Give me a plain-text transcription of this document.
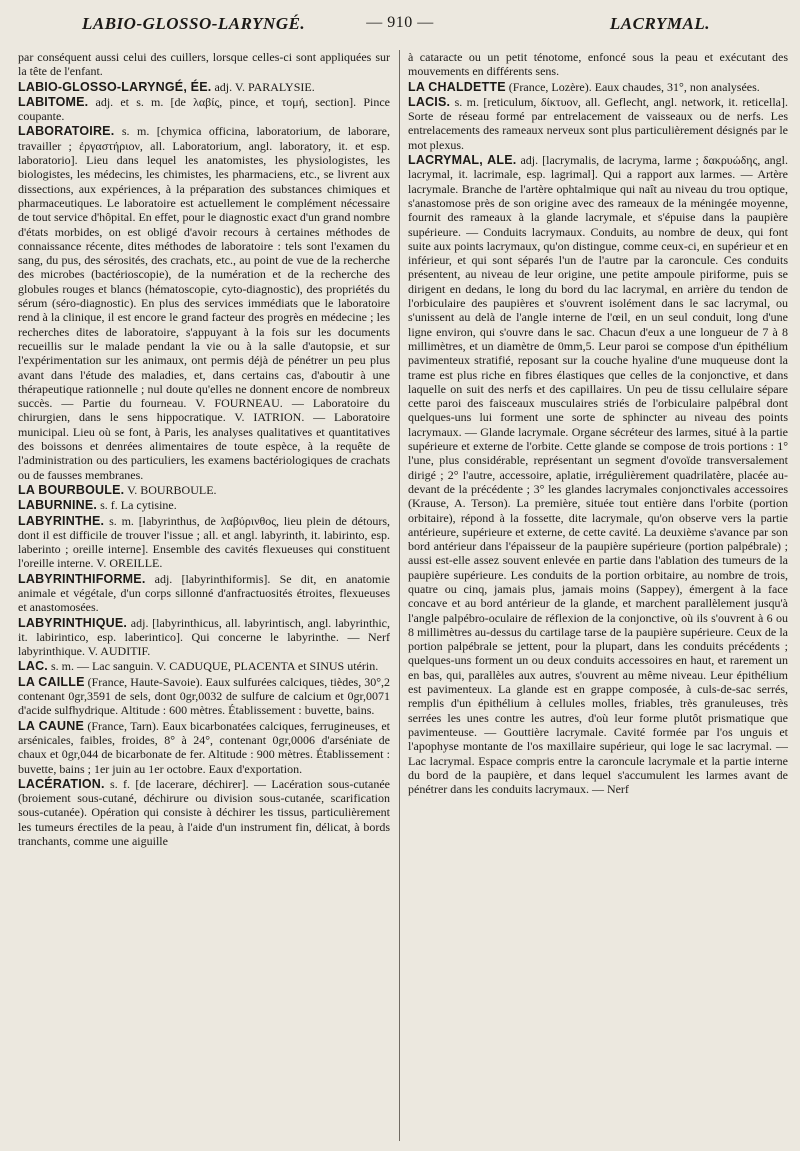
LABIO-GLOSSO-LARYNGÉ.	— 910 —	LACRYMAL.

par conséquent aussi celui des cuillers, lorsque celles-ci sont appliquées sur la tête de l'enfant.

LABIO-GLOSSO-LARYNGÉ, ÉE. adj. V. PARALYSIE.

LABITOME. adj. et s. m. [de λαβίς, pince, et τομή, section]. Pince coupante.

LABORATOIRE. s. m. [chymica officina, laboratorium, de laborare, travailler ; ἐργαστήριον, all. Laboratorium, angl. laboratory, it. et esp. laboratorio]. Lieu dans lequel les anatomistes, les physiologistes, les biologistes, les médecins, les chimistes, les pharmaciens, etc., se livrent aux dissections, aux expériences, à la préparation des substances chimiques et pharmaceutiques. Le laboratoire est actuellement le complément nécessaire de tout service d'hôpital. En effet, pour le diagnostic exact d'un grand nombre d'états morbides, on est obligé d'avoir recours à certaines méthodes de connaissance récente, dites méthodes de laboratoire : tels sont l'examen du sang, du pus, des sérosités, des crachats, etc., au point de vue de la recherche des microbes (bactérioscopie), de la numération et de la recherche des globules rouges et blancs (hématoscopie, cyto-diagnostic), des propriétés du sérum (séro-diagnostic). En plus des services immédiats que le laboratoire rend à la clinique, il est encore le grand facteur des progrès en médecine ; les recherches dites de laboratoire, s'appuyant à la fois sur les documents recueillis sur le malade pendant la vie ou à la salle d'autopsie, et sur l'expérimentation sur les animaux, ont permis déjà de pénétrer un peu plus avant dans l'étude des maladies, et, dans certains cas, d'aboutir à une thérapeutique rationnelle ; nul doute qu'elles ne donnent encore de nombreux succès. — Partie du fourneau. V. FOURNEAU. — Laboratoire du chirurgien, dans le sens hippocratique. V. IATRION. — Laboratoire municipal. Lieu où se font, à Paris, les analyses qualitatives et quantitatives des boissons et denrées alimentaires de toute espèce, à la requête de l'administration ou des particuliers, les examens bactériologiques de crachats ou de fausses membranes.

LA BOURBOULE. V. BOURBOULE.

LABURNINE. s. f. La cytisine.

LABYRINTHE. s. m. [labyrinthus, de λαβύρινθος, lieu plein de détours, dont il est difficile de trouver l'issue ; all. et angl. labyrinth, it. labirinto, esp. laberinto ; oreille interne]. Ensemble des cavités flexueuses qui constituent l'oreille interne. V. OREILLE.

LABYRINTHIFORME. adj. [labyrinthiformis]. Se dit, en anatomie animale et végétale, d'un corps sillonné d'anfractuosités étroites, flexueuses et anastomosées.

LABYRINTHIQUE. adj. [labyrinthicus, all. labyrintisch, angl. labyrinthic, it. labirintico, esp. laberintico]. Qui concerne le labyrinthe. — Nerf labyrinthique. V. AUDITIF.

LAC. s. m. — Lac sanguin. V. CADUQUE, PLACENTA et SINUS utérin.

LA CAILLE (France, Haute-Savoie). Eaux sulfurées calciques, tièdes, 30°,2 contenant 0gr,3591 de sels, dont 0gr,0032 de sulfure de calcium et 0gr,0071 d'acide sulfhydrique. Altitude : 600 mètres. Établissement : buvette, bains.

LA CAUNE (France, Tarn). Eaux bicarbonatées calciques, ferrugineuses, et arsénicales, faibles, froides, 8° à 24°, contenant 0gr,0006 d'arséniate de chaux et 0gr,044 de bicarbonate de fer. Altitude : 900 mètres. Établissement : buvette, bains ; 1er juin au 1er octobre. Eaux d'exportation.

LACÉRATION. s. f. [de lacerare, déchirer]. — Lacération sous-cutanée (broiement sous-cutané, déchirure ou division sous-cutanée, scarification sous-cutanée). Opération qui consiste à déchirer les tissus, particulièrement les tumeurs érectiles de la peau, à l'aide d'un instrument fin, délicat, à bords tranchants, comme une aiguille

à cataracte ou un petit ténotome, enfoncé sous la peau et exécutant des mouvements en différents sens.

LA CHALDETTE (France, Lozère). Eaux chaudes, 31°, non analysées.

LACIS. s. m. [reticulum, δίκτυον, all. Geflecht, angl. network, it. reticella]. Sorte de réseau formé par entrelacement de vaisseaux ou de nerfs. Les entrelacements des rameaux nerveux sont plus particulièrement désignés par le mot plexus.

LACRYMAL, ALE. adj. [lacrymalis, de lacryma, larme ; δακρυώδης, angl. lacrymal, it. lacrimale, esp. lagrimal]. Qui a rapport aux larmes. — Artère lacrymale. Branche de l'artère ophtalmique qui naît au niveau du trou optique, s'anastomose près de son origine avec des rameaux de la méningée moyenne, fournit des rameaux à la glande lacrymale, et s'épuise dans la paupière supérieure. — Conduits lacrymaux. Conduits, au nombre de deux, qui font suite aux points lacrymaux, qu'on distingue, comme ceux-ci, en supérieur et en inférieur, et qui sont séparés l'un de l'autre par la caroncule. Ces conduits présentent, au niveau de leur origine, une petite ampoule piriforme, puis se dirigent en dedans, le long du bord du lac lacrymal, en arrière du tendon de l'orbiculaire des paupières et s'ouvrent isolément dans le sac lacrymal, ou s'unissent au delà de l'angle interne de l'œil, en un seul conduit, long d'une ligne environ, qui s'ouvre dans le sac. Chacun d'eux a une longueur de 7 à 8 millimètres, et un diamètre de 0mm,5. Leur paroi se compose d'un épithélium pavimenteux stratifié, reposant sur la couche hyaline d'une muqueuse dont la trame est plus riche en fibres élastiques que celles de la conjonctive, et dans laquelle on suit des nerfs et des capillaires. Un peu de tissu cellulaire sépare cette paroi des faisceaux musculaires striés de l'orbiculaire palpébral dont quelques-uns lui forment une sorte de sphincter au niveau des points lacrymaux. — Glande lacrymale. Organe sécréteur des larmes, situé à la partie supérieure et externe de l'orbite. Cette glande se compose de trois portions : 1° l'une, plus considérable, représentant un segment d'ovoïde transversalement dirigé ; 2° l'autre, accessoire, aplatie, irrégulièrement quadrilatère, placée au-devant de la précédente ; 3° les glandes lacrymales conjonctivales accessoires (Krause, A. Terson). La première, située tout entière dans l'orbite (portion orbitaire), répond à la fossette, dite lacrymale, qu'on observe vers la partie antérieure, supérieure et externe, de cette cavité. La deuxième s'avance par son bord antérieur dans l'épaisseur de la paupière supérieure (portion palpébrale) ; aussi est-elle assez souvent enlevée en partie dans l'ablation des tumeurs de la paupière supérieure. Les conduits de la portion orbitaire, au nombre de trois, quatre ou cinq, jamais plus, jamais moins (Sappey), émergent à la face concave et au bord antérieur de la glande, et marchent parallèlement jusqu'à l'angle palpébro-oculaire de réflexion de la conjonctive, où ils s'ouvrent à 6 ou 8 millimètres au-dessus du cartilage tarse de la paupière supérieure. Ceux de la portion palpébrale se jettent, pour la plupart, dans les conduits précédents ; quelques-uns forment un ou deux conduits accessoires en haut, et rarement un en bas, qui, parallèles aux autres, s'ouvrent au même niveau. Leur épithélium est pavimenteux. La glande est en grappe composée, à culs-de-sac serrés, remplis d'un épithélium à cellules molles, friables, très granuleuses, très serrées les unes contre les autres, d'où leur forme plutôt prismatique que pavimenteuse. — Gouttière lacrymale. Cavité formée par l'os unguis et l'apophyse montante de l'os maxillaire supérieur, qui loge le sac lacrymal. — Lac lacrymal. Espace compris entre la caroncule lacrymale et la partie interne du bord de la paupière, et dans lequel s'accumulent les larmes avant de pénétrer dans les conduits lacrymaux. — Nerf
